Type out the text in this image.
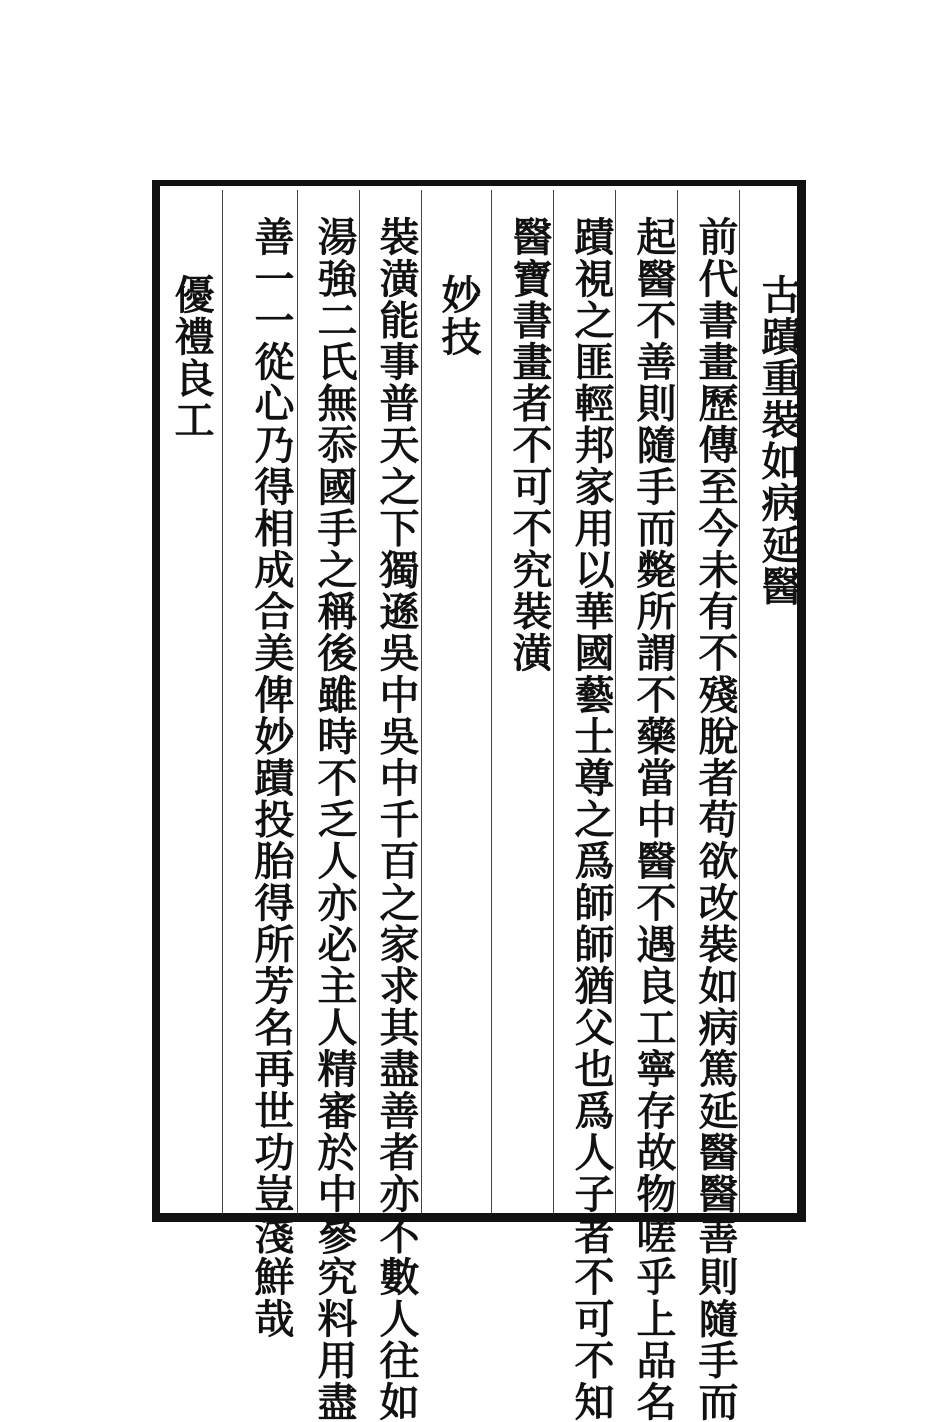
古蹟重裝如病延醫
前代書畫歷傳至今未有不殘脫者苟欲改裝如病篤延醫醫善則隨手而
起醫不善則隨手而斃所謂不藥當中醫不遇良工寧存故物嗟乎上品名
蹟視之匪輕邦家用以華國藝士尊之爲師師猶父也爲人子者不可不知
醫寶書畫者不可不究裝潢
妙技
裝潢能事普天之下獨遜吳中吳中千百之家求其盡善者亦不數人往如
湯強二氏無忝國手之稱後雖時不乏人亦必主人精審於中參究料用盡
善一一從心乃得相成合美俾妙蹟投胎得所芳名再世功豈淺鮮哉
優禮良工
